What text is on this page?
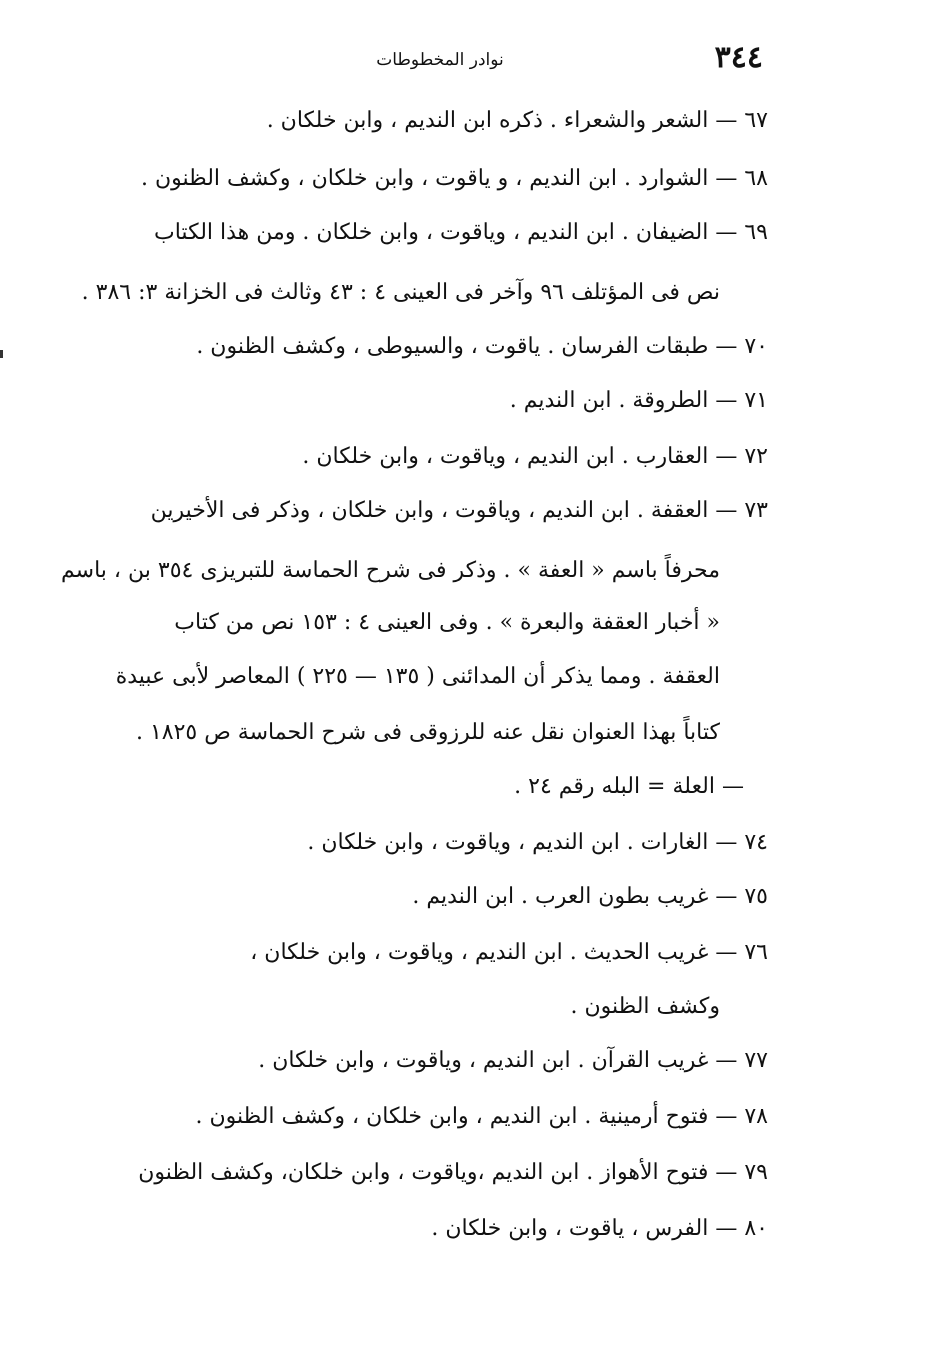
٣٤٤
نوادر المخطوطات
٦٧ — الشعر والشعراء . ذكره ابن النديم ، وابن خلكان .
٦٨ — الشوارد . ابن النديم ، و ياقوت ، وابن خلكان ، وكشف الظنون .
٦٩ — الضيفان . ابن النديم ، وياقوت ، وابن خلكان . ومن هذا الكتاب
نص فى المؤتلف ٩٦ وآخر فى العينى ٤ : ٤٣ وثالث فى الخزانة ٣: ٣٨٦ .
٧٠ — طبقات الفرسان . ياقوت ، والسيوطى ، وكشف الظنون .
٧١ — الطروقة . ابن النديم .
٧٢ — العقارب . ابن النديم ، وياقوت ، وابن خلكان .
٧٣ — العقفة . ابن النديم ، وياقوت ، وابن خلكان ، وذكر فى الأخيرين
محرفاً باسم « العفة » . وذكر فى شرح الحماسة للتبريزى ٣٥٤ بن ، باسم
« أخبار العقفة والبعرة » . وفى العينى ٤ : ١٥٣ نص من كتاب
العقفة . ومما يذكر أن المدائنى ( ١٣٥ — ٢٢٥ ) المعاصر لأبى عبيدة
كتاباً بهذا العنوان نقل عنه للرزوقى فى شرح الحماسة ص ١٨٢٥ .
— العلة = البله رقم ٢٤ .
٧٤ — الغارات . ابن النديم ، وياقوت ، وابن خلكان .
٧٥ — غريب بطون العرب . ابن النديم .
٧٦ — غريب الحديث . ابن النديم ، وياقوت ، وابن خلكان ،
وكشف الظنون .
٧٧ — غريب القرآن . ابن النديم ، وياقوت ، وابن خلكان .
٧٨ — فتوح أرمينية . ابن النديم ، وابن خلكان ، وكشف الظنون .
٧٩ — فتوح الأهواز . ابن النديم ،وياقوت ، وابن خلكان، وكشف الظنون
٨٠ — الفرس ، ياقوت ، وابن خلكان .
